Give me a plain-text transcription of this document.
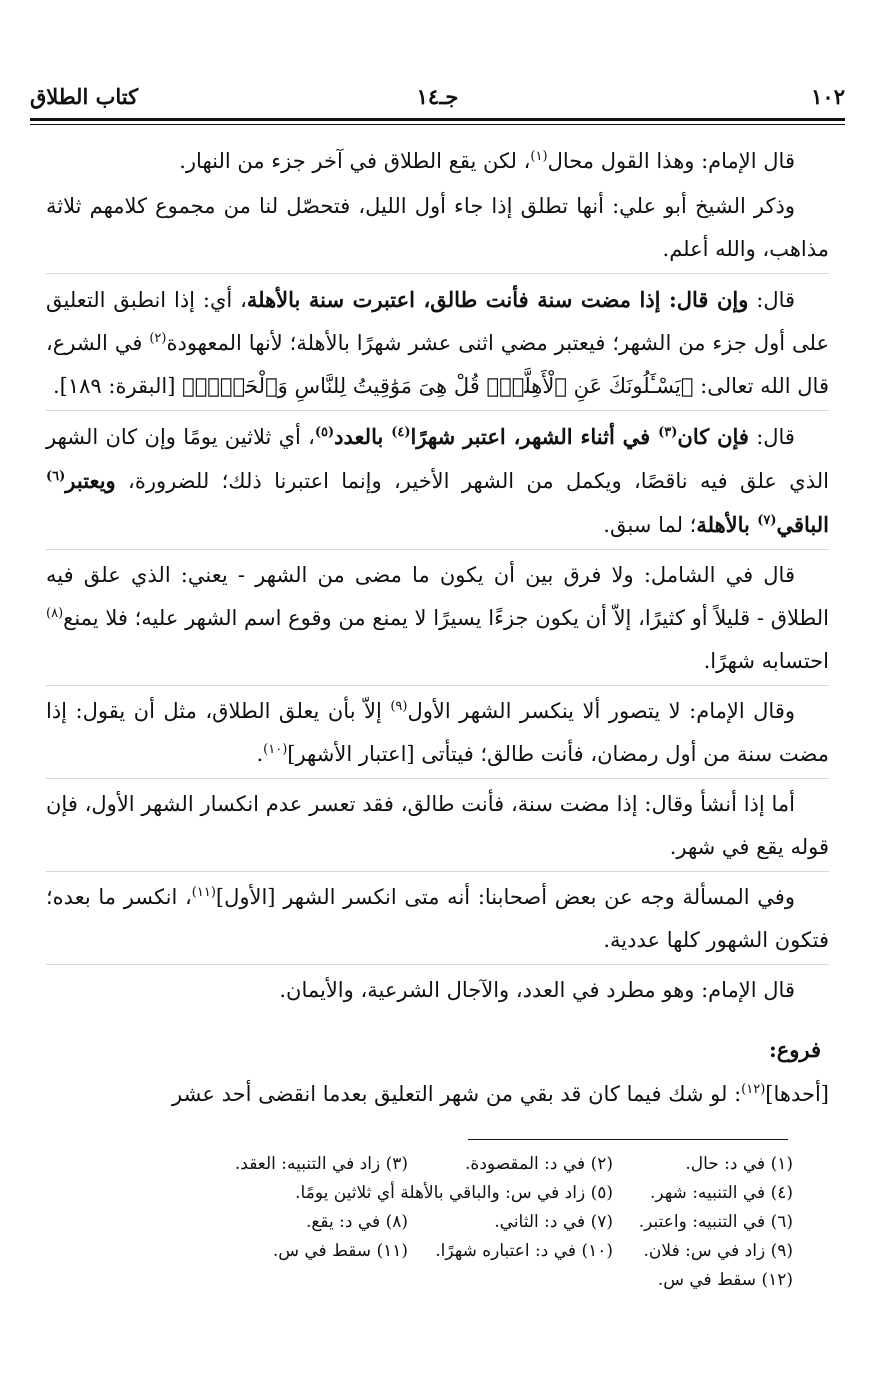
١٠٢
جـ١٤
كتاب الطلاق

قال الإمام: وهذا القول محال$^{(١)}$، لكن يقع الطلاق في آخر جزء من النهار.

وذكر الشيخ أبو علي: أنها تطلق إذا جاء أول الليل، فتحصّل لنا من مجموع كلامهم ثلاثة مذاهب، والله أعلم.

قال: وإن قال: إذا مضت سنة فأنت طالق، اعتبرت سنة بالأهلة، أي: إذا انطبق التعليق على أول جزء من الشهر؛ فيعتبر مضي اثنى عشر شهرًا بالأهلة؛ لأنها المعهودة$^{(٢)}$ في الشرع، قال الله تعالى: ﴿يَسْـَٔلُونَكَ عَنِ ٱلْأَهِلَّةِۖ قُلْ هِىَ مَوَٰقِيتُ لِلنَّاسِ وَٱلْحَجِّۗ﴾ [البقرة: ١٨٩].

قال: فإن كان$^{(٣)}$ في أثناء الشهر، اعتبر شهرًا$^{(٤)}$ بالعدد$^{(٥)}$، أي ثلاثين يومًا وإن كان الشهر الذي علق فيه ناقصًا، ويكمل من الشهر الأخير، وإنما اعتبرنا ذلك؛ للضرورة، ويعتبر$^{(٦)}$ الباقي$^{(٧)}$ بالأهلة؛ لما سبق.

قال في الشامل: ولا فرق بين أن يكون ما مضى من الشهر - يعني: الذي علق فيه الطلاق - قليلاً أو كثيرًا، إلاّ أن يكون جزءًا يسيرًا لا يمنع من وقوع اسم الشهر عليه؛ فلا يمنع$^{(٨)}$ احتسابه شهرًا.

وقال الإمام: لا يتصور ألا ينكسر الشهر الأول$^{(٩)}$ إلاّ بأن يعلق الطلاق، مثل أن يقول: إذا مضت سنة من أول رمضان، فأنت طالق؛ فيتأتى [اعتبار الأشهر]$^{(١٠)}$.

أما إذا أنشأ وقال: إذا مضت سنة، فأنت طالق، فقد تعسر عدم انكسار الشهر الأول، فإن قوله يقع في شهر.

وفي المسألة وجه عن بعض أصحابنا: أنه متى انكسر الشهر [الأول]$^{(١١)}$، انكسر ما بعده؛ فتكون الشهور كلها عددية.

قال الإمام: وهو مطرد في العدد، والآجال الشرعية، والأيمان.

فروع:

[أحدها]$^{(١٢)}$: لو شك فيما كان قد بقي من شهر التعليق بعدما انقضى أحد عشر

(١) في د: حال.
(٢) في د: المقصودة.
(٣) زاد في التنبيه: العقد.
(٤) في التنبيه: شهر.
(٥) زاد في س: والباقي بالأهلة أي ثلاثين يومًا.
(٦) في التنبيه: واعتبر.
(٧) في د: الثاني.
(٨) في د: يقع.
(٩) زاد في س: فلان.
(١٠) في د: اعتباره شهرًا.
(١١) سقط في س.
(١٢) سقط في س.
